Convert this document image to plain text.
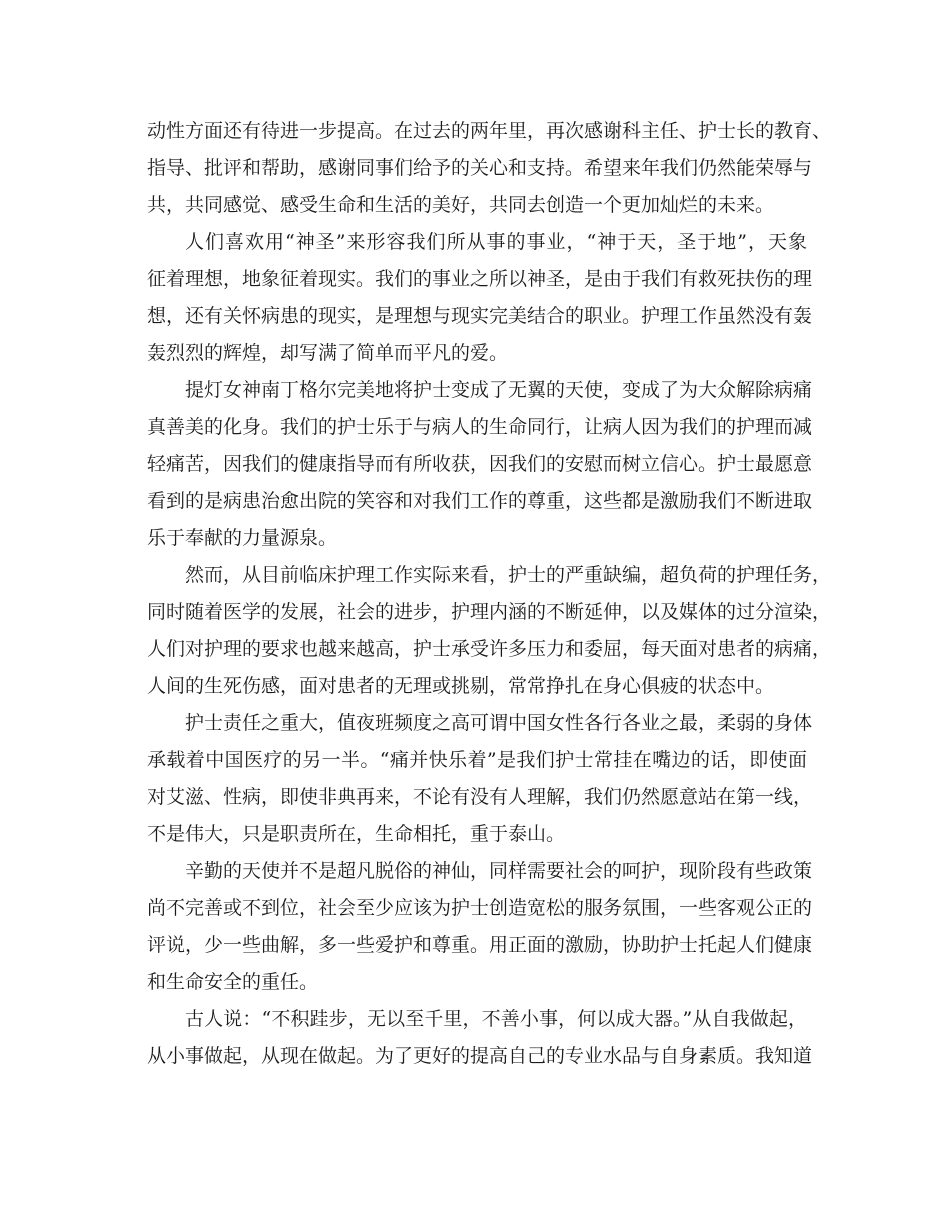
动性方面还有待进一步提高。在过去的两年里，再次感谢科主任、护士长的教育、
指导、批评和帮助，感谢同事们给予的关心和支持。希望来年我们仍然能荣辱与
共，共同感觉、感受生命和生活的美好，共同去创造一个更加灿烂的未来。
人们喜欢用“神圣”来形容我们所从事的事业，“神于天，圣于地”，天象
征着理想，地象征着现实。我们的事业之所以神圣，是由于我们有救死扶伤的理
想，还有关怀病患的现实，是理想与现实完美结合的职业。护理工作虽然没有轰
轰烈烈的辉煌，却写满了简单而平凡的爱。
提灯女神南丁格尔完美地将护士变成了无翼的天使，变成了为大众解除病痛
真善美的化身。我们的护士乐于与病人的生命同行，让病人因为我们的护理而减
轻痛苦，因我们的健康指导而有所收获，因我们的安慰而树立信心。护士最愿意
看到的是病患治愈出院的笑容和对我们工作的尊重，这些都是激励我们不断进取
乐于奉献的力量源泉。
然而，从目前临床护理工作实际来看，护士的严重缺编，超负荷的护理任务，
同时随着医学的发展，社会的进步，护理内涵的不断延伸，以及媒体的过分渲染，
人们对护理的要求也越来越高，护士承受许多压力和委屈，每天面对患者的病痛，
人间的生死伤感，面对患者的无理或挑剔，常常挣扎在身心俱疲的状态中。
护士责任之重大，值夜班频度之高可谓中国女性各行各业之最，柔弱的身体
承载着中国医疗的另一半。“痛并快乐着”是我们护士常挂在嘴边的话，即使面
对艾滋、性病，即使非典再来，不论有没有人理解，我们仍然愿意站在第一线，
不是伟大，只是职责所在，生命相托，重于泰山。
辛勤的天使并不是超凡脱俗的神仙，同样需要社会的呵护，现阶段有些政策
尚不完善或不到位，社会至少应该为护士创造宽松的服务氛围，一些客观公正的
评说，少一些曲解，多一些爱护和尊重。用正面的激励，协助护士托起人们健康
和生命安全的重任。
古人说：“不积跬步，无以至千里，不善小事，何以成大器。”从自我做起，
从小事做起，从现在做起。为了更好的提高自己的专业水品与自身素质。我知道
